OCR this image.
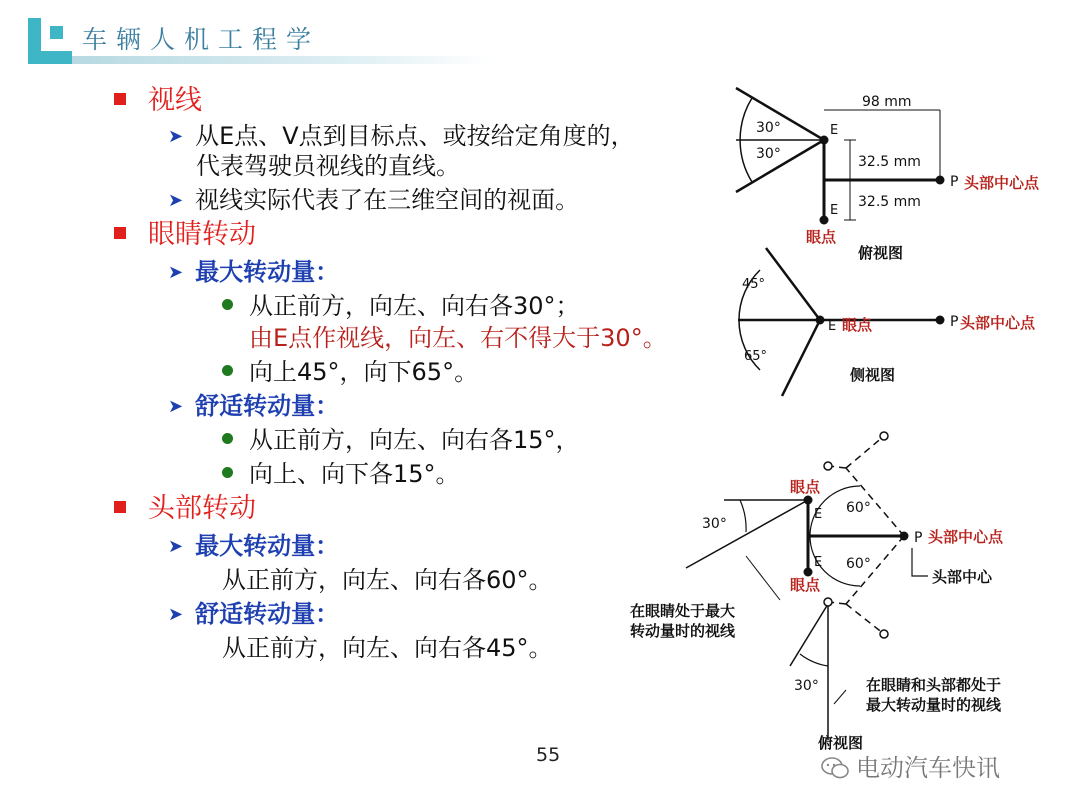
车辆人机工程学
视线
➤ 从E点、V点到目标点、或按给定角度的，
代表驾驶员视线的直线。
➤ 视线实际代表了在三维空间的视面。
眼睛转动
➤ 最大转动量：
从正前方，向左、向右各30°；
由E点作视线，向左、右不得大于30°。
向上45°，向下65°。
➤ 舒适转动量：
从正前方，向左、向右各15°，
向上、向下各15°。
头部转动
➤ 最大转动量：
从正前方，向左、向右各60°。
➤ 舒适转动量：
从正前方，向左、向右各45°。
30°
30°
98 mm
32.5 mm
32.5 mm
E
E
P 头部中心点
眼点
俯视图
45°
65°
E 眼点	P 头部中心点
侧视图
眼点
E
E
眼点
30°
60°
60°
30°
P 头部中心点
头部中心
在眼睛处于最大
转动量时的视线
在眼睛和头部都处于
最大转动量时的视线
俯视图
55	电动汽车快讯
